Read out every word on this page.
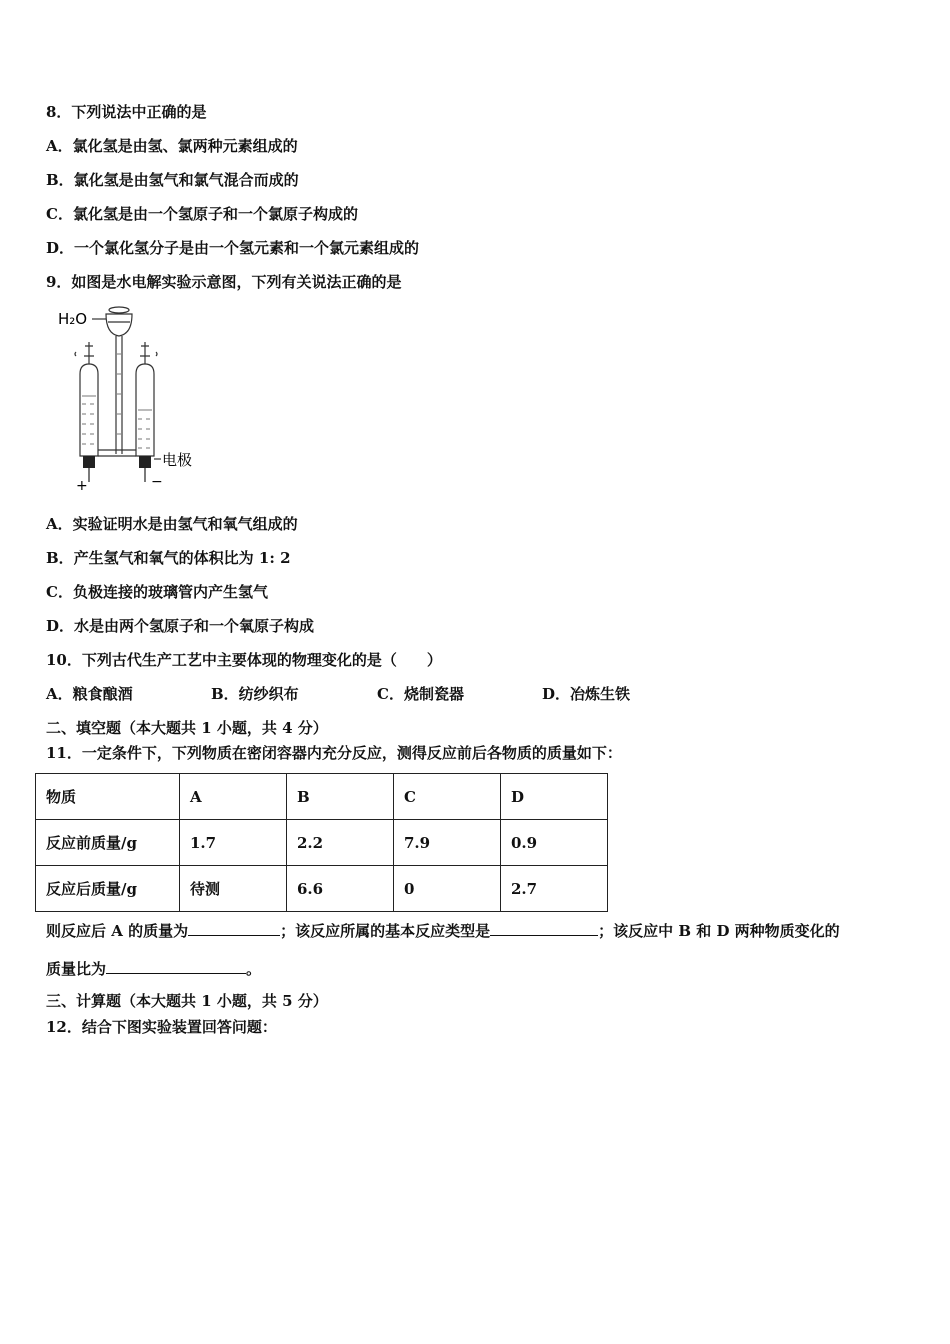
8．下列说法中正确的是
A．氯化氢是由氢、氯两种元素组成的
B．氯化氢是由氢气和氯气混合而成的
C．氯化氢是由一个氢原子和一个氯原子构成的
D．一个氯化氢分子是由一个氢元素和一个氯元素组成的
9．如图是水电解实验示意图，下列有关说法正确的是
H₂O
电极
+	−
A．实验证明水是由氢气和氧气组成的
B．产生氢气和氧气的体积比为 1: 2
C．负极连接的玻璃管内产生氢气
D．水是由两个氢原子和一个氧原子构成
10．下列古代生产工艺中主要体现的物理变化的是（　　）
A．粮食酿酒	B．纺纱织布	C．烧制瓷器	D．冶炼生铁
二、填空题（本大题共 1 小题，共 4 分）
11．一定条件下，下列物质在密闭容器内充分反应，测得反应前后各物质的质量如下：
物质	A	B	C	D
反应前质量/g	1.7	2.2	7.9	0.9
反应后质量/g	待测	6.6	0	2.7
则反应后 A 的质量为	；该反应所属的基本反应类型是	；该反应中 B 和 D 两种物质变化的
质量比为	。
三、计算题（本大题共 1 小题，共 5 分）
12．结合下图实验装置回答问题：
